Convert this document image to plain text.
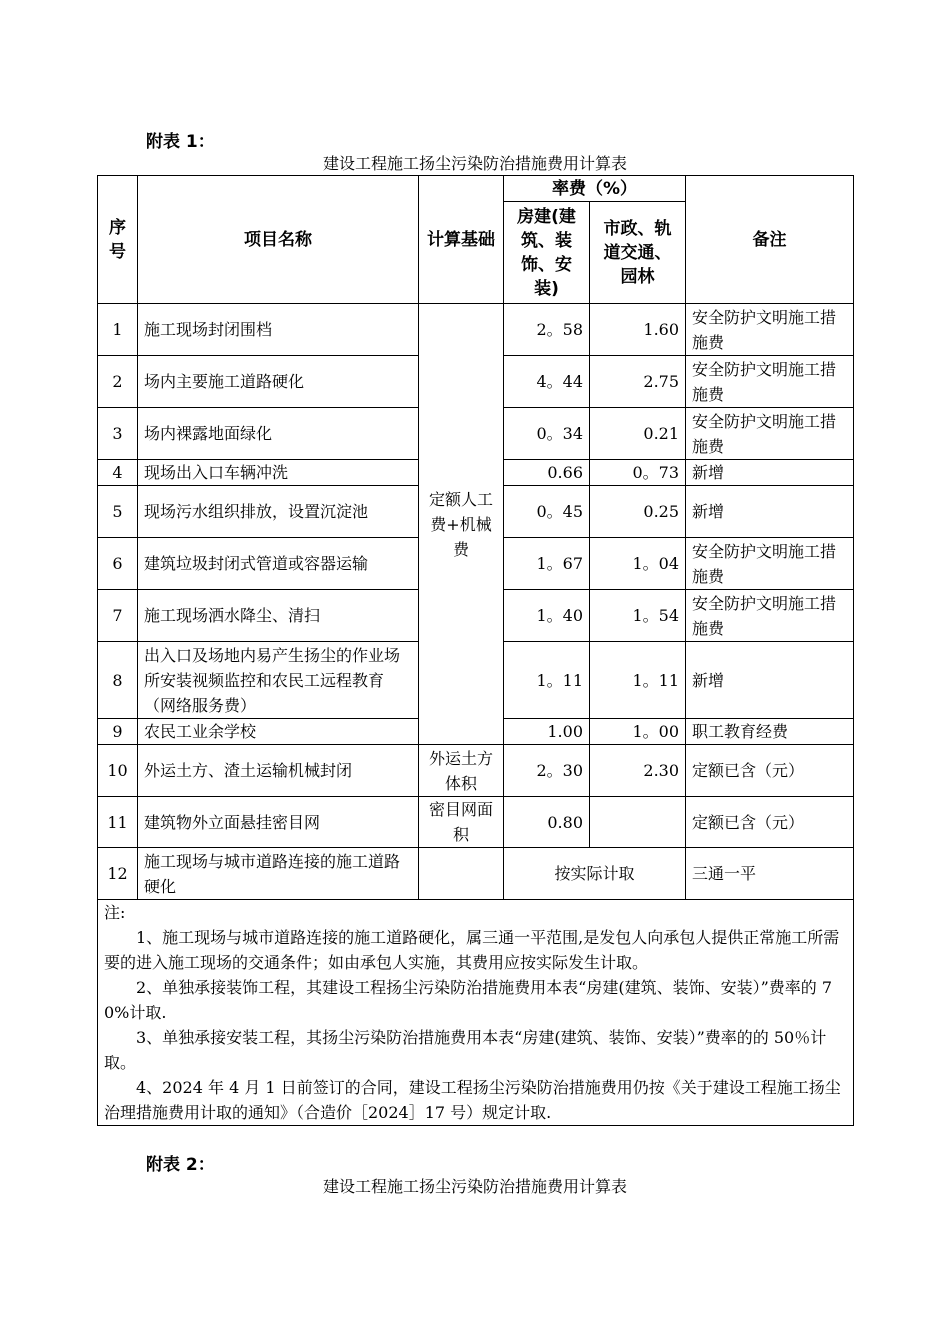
附表 1：
建设工程施工扬尘污染防治措施费用计算表
序号	项目名称	计算基础	率费（%）		备注
			房建(建筑、装饰、安装)	市政、轨道交通、园林	
1	施工现场封闭围档	定额人工费+机械费	2。58	1.60	安全防护文明施工措施费
2	场内主要施工道路硬化		4。44	2.75	安全防护文明施工措施费
3	场内裸露地面绿化		0。34	0.21	安全防护文明施工措施费
4	现场出入口车辆冲洗		0.66	0。73	新增
5	现场污水组织排放，设置沉淀池		0。45	0.25	新增
6	建筑垃圾封闭式管道或容器运输		1。67	1。04	安全防护文明施工措施费
7	施工现场洒水降尘、清扫		1。40	1。54	安全防护文明施工措施费
8	出入口及场地内易产生扬尘的作业场所安装视频监控和农民工远程教育（网络服务费）		1。11	1。11	新增
9	农民工业余学校		1.00	1。00	职工教育经费
10	外运土方、渣土运输机械封闭	外运土方体积	2。30	2.30	定额已含（元）
11	建筑物外立面悬挂密目网	密目网面积	0.80		定额已含（元）
12	施工现场与城市道路连接的施工道路硬化		按实际计取		三通一平

注:
1、施工现场与城市道路连接的施工道路硬化，属三通一平范围,是发包人向承包人提供正常施工所需要的进入施工现场的交通条件；如由承包人实施，其费用应按实际发生计取。
2、单独承接装饰工程，其建设工程扬尘污染防治措施费用本表“房建(建筑、装饰、安装）”费率的 70%计取.
3、单独承接安装工程，其扬尘污染防治措施费用本表“房建(建筑、装饰、安装）”费率的的 50％计取。
4、2024 年 4 月 1 日前签订的合同，建设工程扬尘污染防治措施费用仍按《关于建设工程施工扬尘治理措施费用计取的通知》（合造价［2024］17 号）规定计取.					
附表 2：
建设工程施工扬尘污染防治措施费用计算表
